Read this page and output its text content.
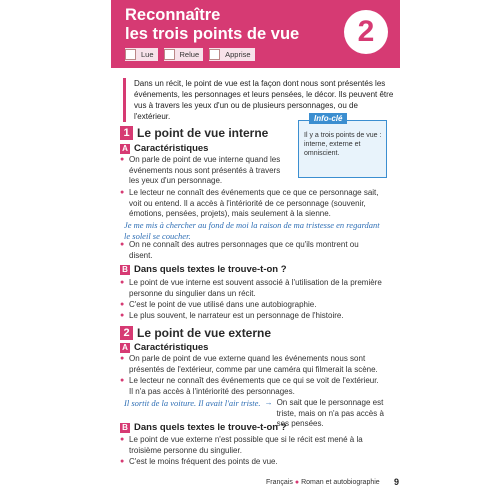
Reconnaître
les trois points de vue	2
Lue	Relue	Apprise
Dans un récit, le point de vue est la façon dont nous sont présentés les événements, les personnages et leurs pensées, le décor. Ils peuvent être vus à travers les yeux d'un ou de plusieurs personnages, ou de l'extérieur.
1 Le point de vue interne
Info-clé
Il y a trois points de vue : interne, externe et omniscient.
A Caractéristiques
● On parle de point de vue interne quand les événements nous sont présentés à travers les yeux d'un personnage.
● Le lecteur ne connaît des événements que ce que ce personnage sait, voit ou entend. Il a accès à l'intériorité de ce personnage (souvenir, émotions, pensées, projets), mais seulement à la sienne.
Je me mis à chercher au fond de moi la raison de ma tristesse en regardant le soleil se coucher.
● On ne connaît des autres personnages que ce qu'ils montrent ou disent.
B Dans quels textes le trouve-t-on ?
● Le point de vue interne est souvent associé à l'utilisation de la première personne du singulier dans un récit.
● C'est le point de vue utilisé dans une autobiographie.
● Le plus souvent, le narrateur est un personnage de l'histoire.
2 Le point de vue externe
A Caractéristiques
● On parle de point de vue externe quand les événements nous sont présentés de l'extérieur, comme par une caméra qui filmerait la scène.
● Le lecteur ne connaît des événements que ce qui se voit de l'extérieur. Il n'a pas accès à l'intériorité des personnages.
Il sortit de la voiture. Il avait l'air triste. → On sait que le personnage est triste, mais on n'a pas accès à ses pensées.
B Dans quels textes le trouve-t-on ?
● Le point de vue externe n'est possible que si le récit est mené à la troisième personne du singulier.
● C'est le moins fréquent des points de vue.
Français ● Roman et autobiographie 9
